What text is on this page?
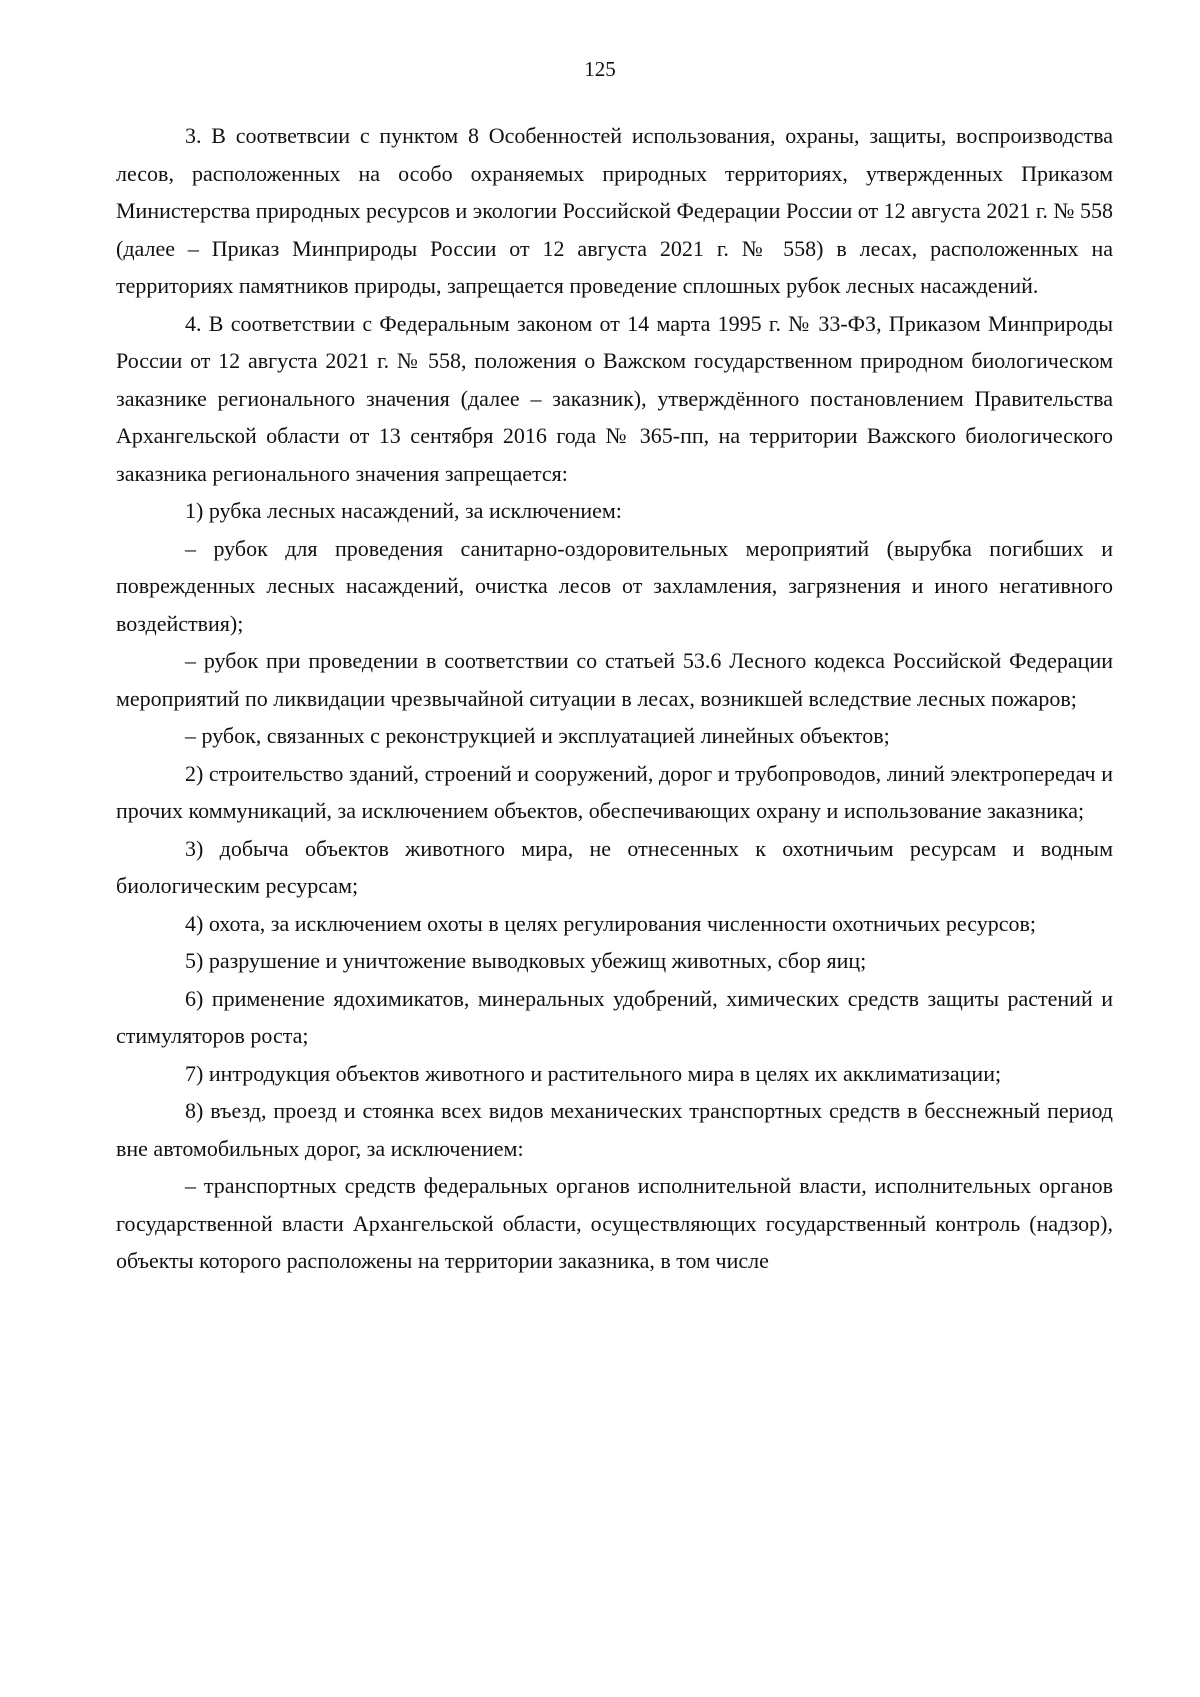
125

3. В соответвсии с пунктом 8 Особенностей использования, охраны, защиты, воспроизводства лесов, расположенных на особо охраняемых природных территориях, утвержденных Приказом Министерства природных ресурсов и экологии Российской Федерации России от 12 августа 2021 г. № 558 (далее – Приказ Минприроды России от 12 августа 2021 г. № 558) в лесах, расположенных на территориях памятников природы, запрещается проведение сплошных рубок лесных насаждений.

4. В соответствии с Федеральным законом от 14 марта 1995 г. № 33-ФЗ, Приказом Минприроды России от 12 августа 2021 г. № 558, положения о Важском государственном природном биологическом заказнике регионального значения (далее – заказник), утверждённого постановлением Правительства Архангельской области от 13 сентября 2016 года № 365-пп, на территории Важского биологического заказника регионального значения запрещается:

1) рубка лесных насаждений, за исключением:

– рубок для проведения санитарно-оздоровительных мероприятий (вырубка погибших и поврежденных лесных насаждений, очистка лесов от захламления, загрязнения и иного негативного воздействия);

– рубок при проведении в соответствии со статьей 53.6 Лесного кодекса Российской Федерации мероприятий по ликвидации чрезвычайной ситуации в лесах, возникшей вследствие лесных пожаров;

– рубок, связанных с реконструкцией и эксплуатацией линейных объектов;

2) строительство зданий, строений и сооружений, дорог и трубопроводов, линий электропередач и прочих коммуникаций, за исключением объектов, обеспечивающих охрану и использование заказника;

3) добыча объектов животного мира, не отнесенных к охотничьим ресурсам и водным биологическим ресурсам;

4) охота, за исключением охоты в целях регулирования численности охотничьих ресурсов;

5) разрушение и уничтожение выводковых убежищ животных, сбор яиц;

6) применение ядохимикатов, минеральных удобрений, химических средств защиты растений и стимуляторов роста;

7) интродукция объектов животного и растительного мира в целях их акклиматизации;

8) въезд, проезд и стоянка всех видов механических транспортных средств в бесснежный период вне автомобильных дорог, за исключением:

– транспортных средств федеральных органов исполнительной власти, исполнительных органов государственной власти Архангельской области, осуществляющих государственный контроль (надзор), объекты которого расположены на территории заказника, в том числе
